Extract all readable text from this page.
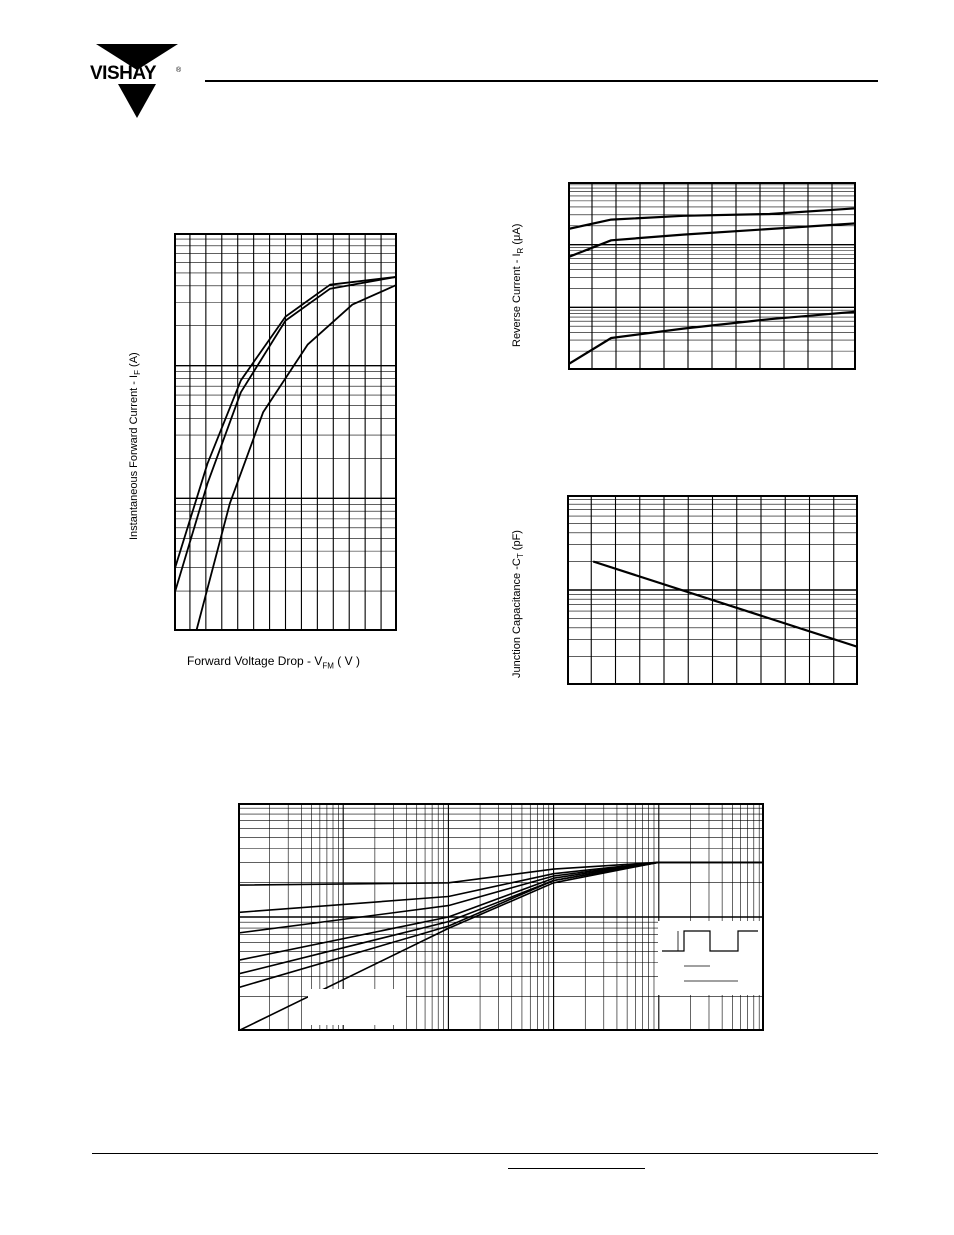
VISHAY	®
Instantaneous Forward Current - $I_F$ (A)
Forward Voltage Drop - $V_{FM}$ ( V )
Reverse Current - $I_R$ (μA)
Junction Capacitance $-C_T$ (pF)
